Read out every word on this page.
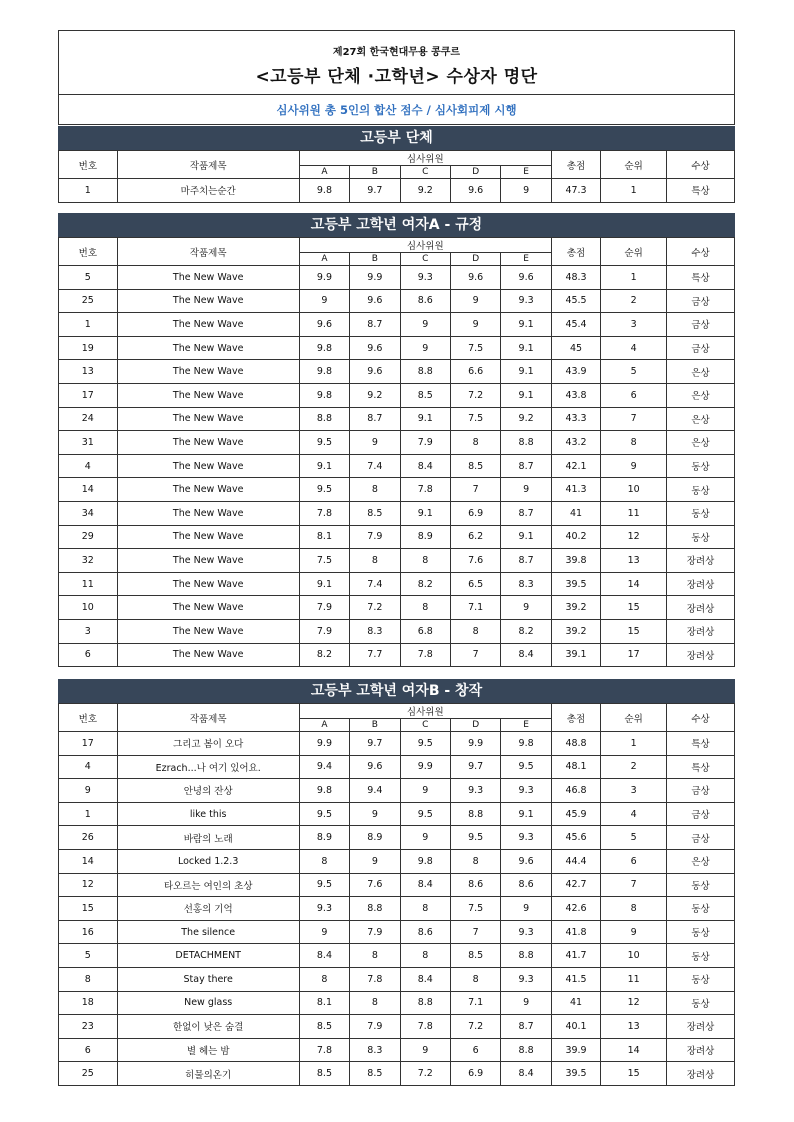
제27회 한국현대무용 콩쿠르
<고등부 단체 ·고학년> 수상자 명단
심사위원 총 5인의 합산 점수 / 심사회피제 시행
고등부 단체
번호	작품제목	심사위원					총점	순위	수상
		A	B	C	D	E			
1	마주치는순간	9.8	9.7	9.2	9.6	9	47.3	1	특상
고등부 고학년 여자A - 규정
번호	작품제목	심사위원					총점	순위	수상
		A	B	C	D	E			
5	The New Wave	9.9	9.9	9.3	9.6	9.6	48.3	1	특상
25	The New Wave	9	9.6	8.6	9	9.3	45.5	2	금상
1	The New Wave	9.6	8.7	9	9	9.1	45.4	3	금상
19	The New Wave	9.8	9.6	9	7.5	9.1	45	4	금상
13	The New Wave	9.8	9.6	8.8	6.6	9.1	43.9	5	은상
17	The New Wave	9.8	9.2	8.5	7.2	9.1	43.8	6	은상
24	The New Wave	8.8	8.7	9.1	7.5	9.2	43.3	7	은상
31	The New Wave	9.5	9	7.9	8	8.8	43.2	8	은상
4	The New Wave	9.1	7.4	8.4	8.5	8.7	42.1	9	동상
14	The New Wave	9.5	8	7.8	7	9	41.3	10	동상
34	The New Wave	7.8	8.5	9.1	6.9	8.7	41	11	동상
29	The New Wave	8.1	7.9	8.9	6.2	9.1	40.2	12	동상
32	The New Wave	7.5	8	8	7.6	8.7	39.8	13	장려상
11	The New Wave	9.1	7.4	8.2	6.5	8.3	39.5	14	장려상
10	The New Wave	7.9	7.2	8	7.1	9	39.2	15	장려상
3	The New Wave	7.9	8.3	6.8	8	8.2	39.2	15	장려상
6	The New Wave	8.2	7.7	7.8	7	8.4	39.1	17	장려상
고등부 고학년 여자B - 창작
번호	작품제목	심사위원					총점	순위	수상
		A	B	C	D	E			
17	그리고 봄이 오다	9.9	9.7	9.5	9.9	9.8	48.8	1	특상
4	Ezrach...나 여기 있어요.	9.4	9.6	9.9	9.7	9.5	48.1	2	특상
9	안녕의 잔상	9.8	9.4	9	9.3	9.3	46.8	3	금상
1	like this	9.5	9	9.5	8.8	9.1	45.9	4	금상
26	바람의 노래	8.9	8.9	9	9.5	9.3	45.6	5	금상
14	Locked 1.2.3	8	9	9.8	8	9.6	44.4	6	은상
12	타오르는 여인의 초상	9.5	7.6	8.4	8.6	8.6	42.7	7	동상
15	선홍의 기억	9.3	8.8	8	7.5	9	42.6	8	동상
16	The silence	9	7.9	8.6	7	9.3	41.8	9	동상
5	DETACHMENT	8.4	8	8	8.5	8.8	41.7	10	동상
8	Stay there	8	7.8	8.4	8	9.3	41.5	11	동상
18	New glass	8.1	8	8.8	7.1	9	41	12	동상
23	한없이 낮은 숨결	8.5	7.9	7.8	7.2	8.7	40.1	13	장려상
6	별 헤는 밤	7.8	8.3	9	6	8.8	39.9	14	장려상
25	히물의온기	8.5	8.5	7.2	6.9	8.4	39.5	15	장려상
